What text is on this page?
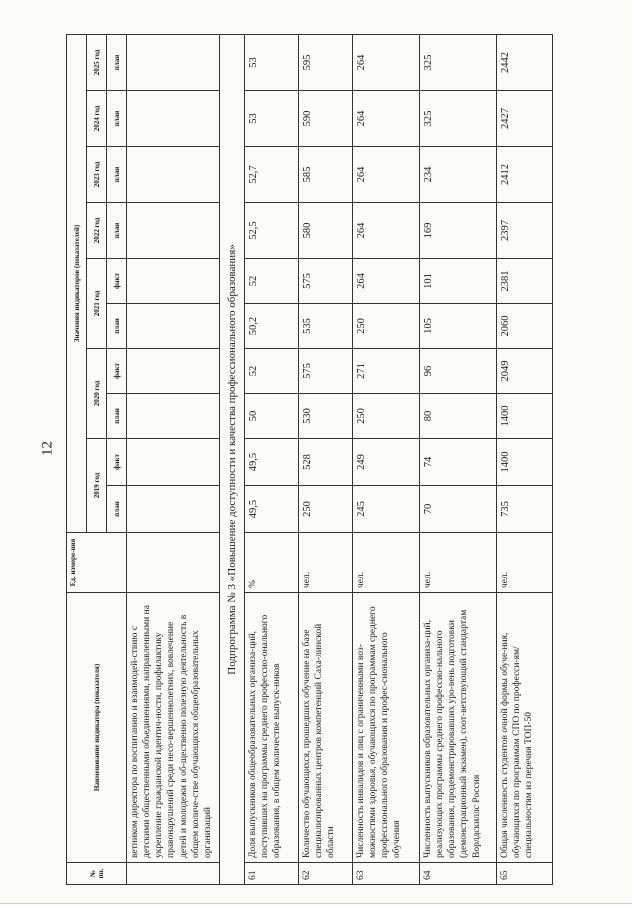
12
№ пп.	Наименование индикатора (показателя)	Ед. измере-ния	Значения индикаторов (показателей)									
			2019 год		2020 год		2021 год		2022 год	2023 год	2024 год	2025 год
			план	факт	план	факт	план	факт	план	план	план	план
	ветником директора по воспитанию и взаимодей-ствию с детскими общественными объединениями, направленными на укрепление гражданской идентич-ности, профилактику правонарушений среди несо-вершеннолетних, вовлечение детей и молодежи в об-щественно полезную деятельность в общем количе-стве обучающихся общеобразовательных организаций											
Подпрограмма № 3 «Повышение доступности и качества профессионального образования»												
61	Доля выпускников общеобразовательных организа-ций, поступивших на программы среднего профессио-онального образования, в общем количестве выпуск-ников	%	49,5	49,5	50	52	50,2	52	52,5	52,7	53	53
62	Количество обучающихся, прошедших обучение на базе специализированных центров компетенций Саха-линской области	чел.	250	528	530	575	535	575	580	585	590	595
63	Численность инвалидов и лиц с ограниченными воз-можностями здоровья, обучающихся по программам среднего профессионального образования и профес-сионального обучения	чел.	245	249	250	271	250	264	264	264	264	264
64	Численность выпускников образовательных организа-ций, реализующих программы среднего профессио-нального образования, продемонстрировавших уро-вень подготовки (демонстрационный экзамен), соот-ветствующий стандартам Ворлдскиллс Россия	чел.	70	74	80	96	105	101	169	234	325	325
65	Общая численность студентов очной формы обуче-ния, обучающихся по программам СПО по професси-ям/специальностям из перечня ТОП-50	чел.	735	1400	1400	2049	2060	2381	2397	2412	2427	2442
